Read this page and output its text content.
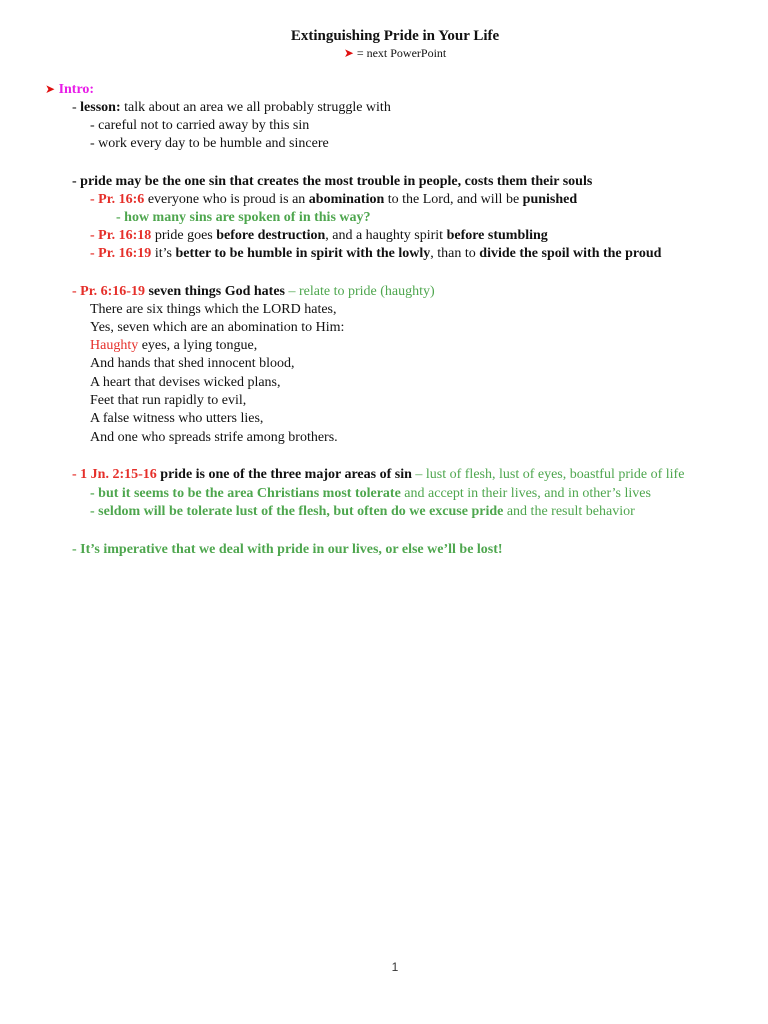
Extinguishing Pride in Your Life
➤ = next PowerPoint
➤ Intro:
- lesson: talk about an area we all probably struggle with
- careful not to carried away by this sin
- work every day to be humble and sincere
- pride may be the one sin that creates the most trouble in people, costs them their souls
- Pr. 16:6 everyone who is proud is an abomination to the Lord, and will be punished
- how many sins are spoken of in this way?
- Pr. 16:18 pride goes before destruction, and a haughty spirit before stumbling
- Pr. 16:19 it’s better to be humble in spirit with the lowly, than to divide the spoil with the proud
- Pr. 6:16-19 seven things God hates – relate to pride (haughty)
There are six things which the LORD hates,
Yes, seven which are an abomination to Him:
Haughty eyes, a lying tongue,
And hands that shed innocent blood,
A heart that devises wicked plans,
Feet that run rapidly to evil,
A false witness who utters lies,
And one who spreads strife among brothers.
- 1 Jn. 2:15-16 pride is one of the three major areas of sin – lust of flesh, lust of eyes, boastful pride of life
- but it seems to be the area Christians most tolerate and accept in their lives, and in other’s lives
- seldom will be tolerate lust of the flesh, but often do we excuse pride and the result behavior
- It’s imperative that we deal with pride in our lives, or else we’ll be lost!
1
